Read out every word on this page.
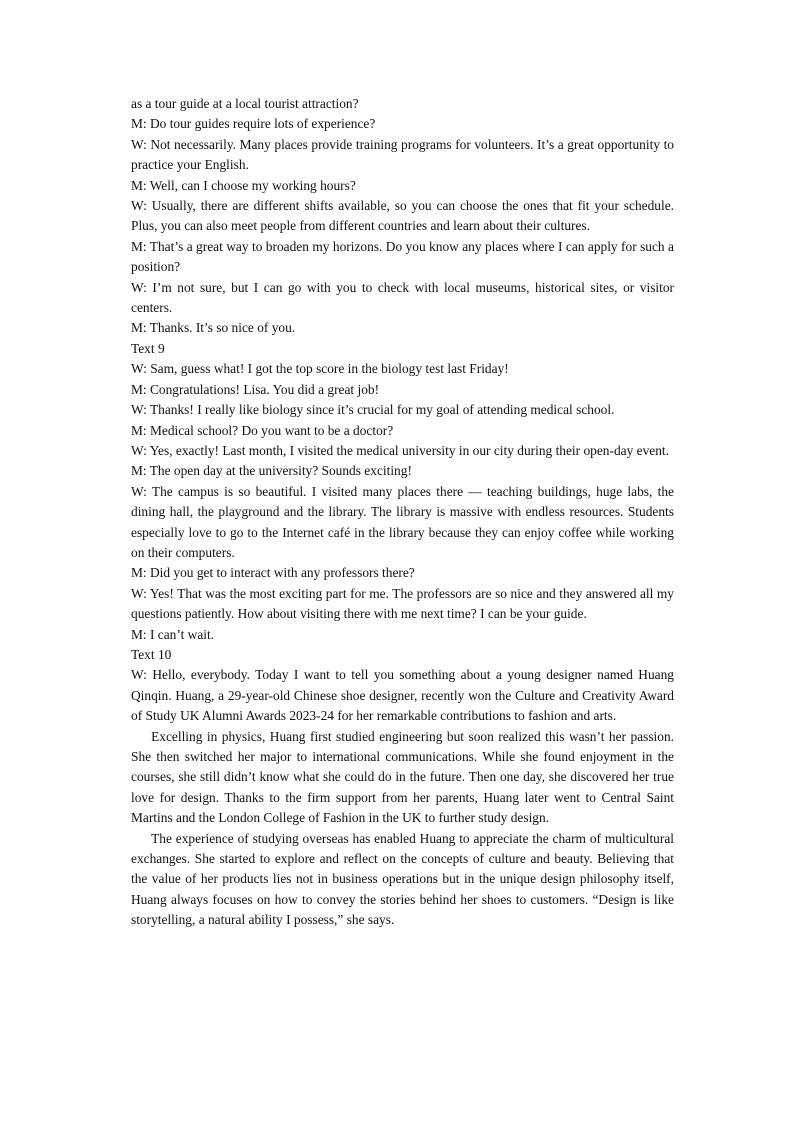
as a tour guide at a local tourist attraction?

M: Do tour guides require lots of experience?

W: Not necessarily. Many places provide training programs for volunteers. It’s a great opportunity to practice your English.

M: Well, can I choose my working hours?

W: Usually, there are different shifts available, so you can choose the ones that fit your schedule. Plus, you can also meet people from different countries and learn about their cultures.

M: That’s a great way to broaden my horizons. Do you know any places where I can apply for such a position?

W: I’m not sure, but I can go with you to check with local museums, historical sites, or visitor centers.

M: Thanks. It’s so nice of you.

Text 9

W: Sam, guess what! I got the top score in the biology test last Friday!

M: Congratulations! Lisa. You did a great job!

W: Thanks! I really like biology since it’s crucial for my goal of attending medical school.

M: Medical school? Do you want to be a doctor?

W: Yes, exactly! Last month, I visited the medical university in our city during their open-day event.

M: The open day at the university? Sounds exciting!

W: The campus is so beautiful. I visited many places there — teaching buildings, huge labs, the dining hall, the playground and the library. The library is massive with endless resources. Students especially love to go to the Internet café in the library because they can enjoy coffee while working on their computers.

M: Did you get to interact with any professors there?

W: Yes! That was the most exciting part for me. The professors are so nice and they answered all my questions patiently. How about visiting there with me next time? I can be your guide.

M: I can’t wait.

Text 10

W: Hello, everybody. Today I want to tell you something about a young designer named Huang Qinqin. Huang, a 29-year-old Chinese shoe designer, recently won the Culture and Creativity Award of Study UK Alumni Awards 2023-24 for her remarkable contributions to fashion and arts.

Excelling in physics, Huang first studied engineering but soon realized this wasn’t her passion. She then switched her major to international communications. While she found enjoyment in the courses, she still didn’t know what she could do in the future. Then one day, she discovered her true love for design. Thanks to the firm support from her parents, Huang later went to Central Saint Martins and the London College of Fashion in the UK to further study design.

The experience of studying overseas has enabled Huang to appreciate the charm of multicultural exchanges. She started to explore and reflect on the concepts of culture and beauty. Believing that the value of her products lies not in business operations but in the unique design philosophy itself, Huang always focuses on how to convey the stories behind her shoes to customers. “Design is like storytelling, a natural ability I possess,” she says.
